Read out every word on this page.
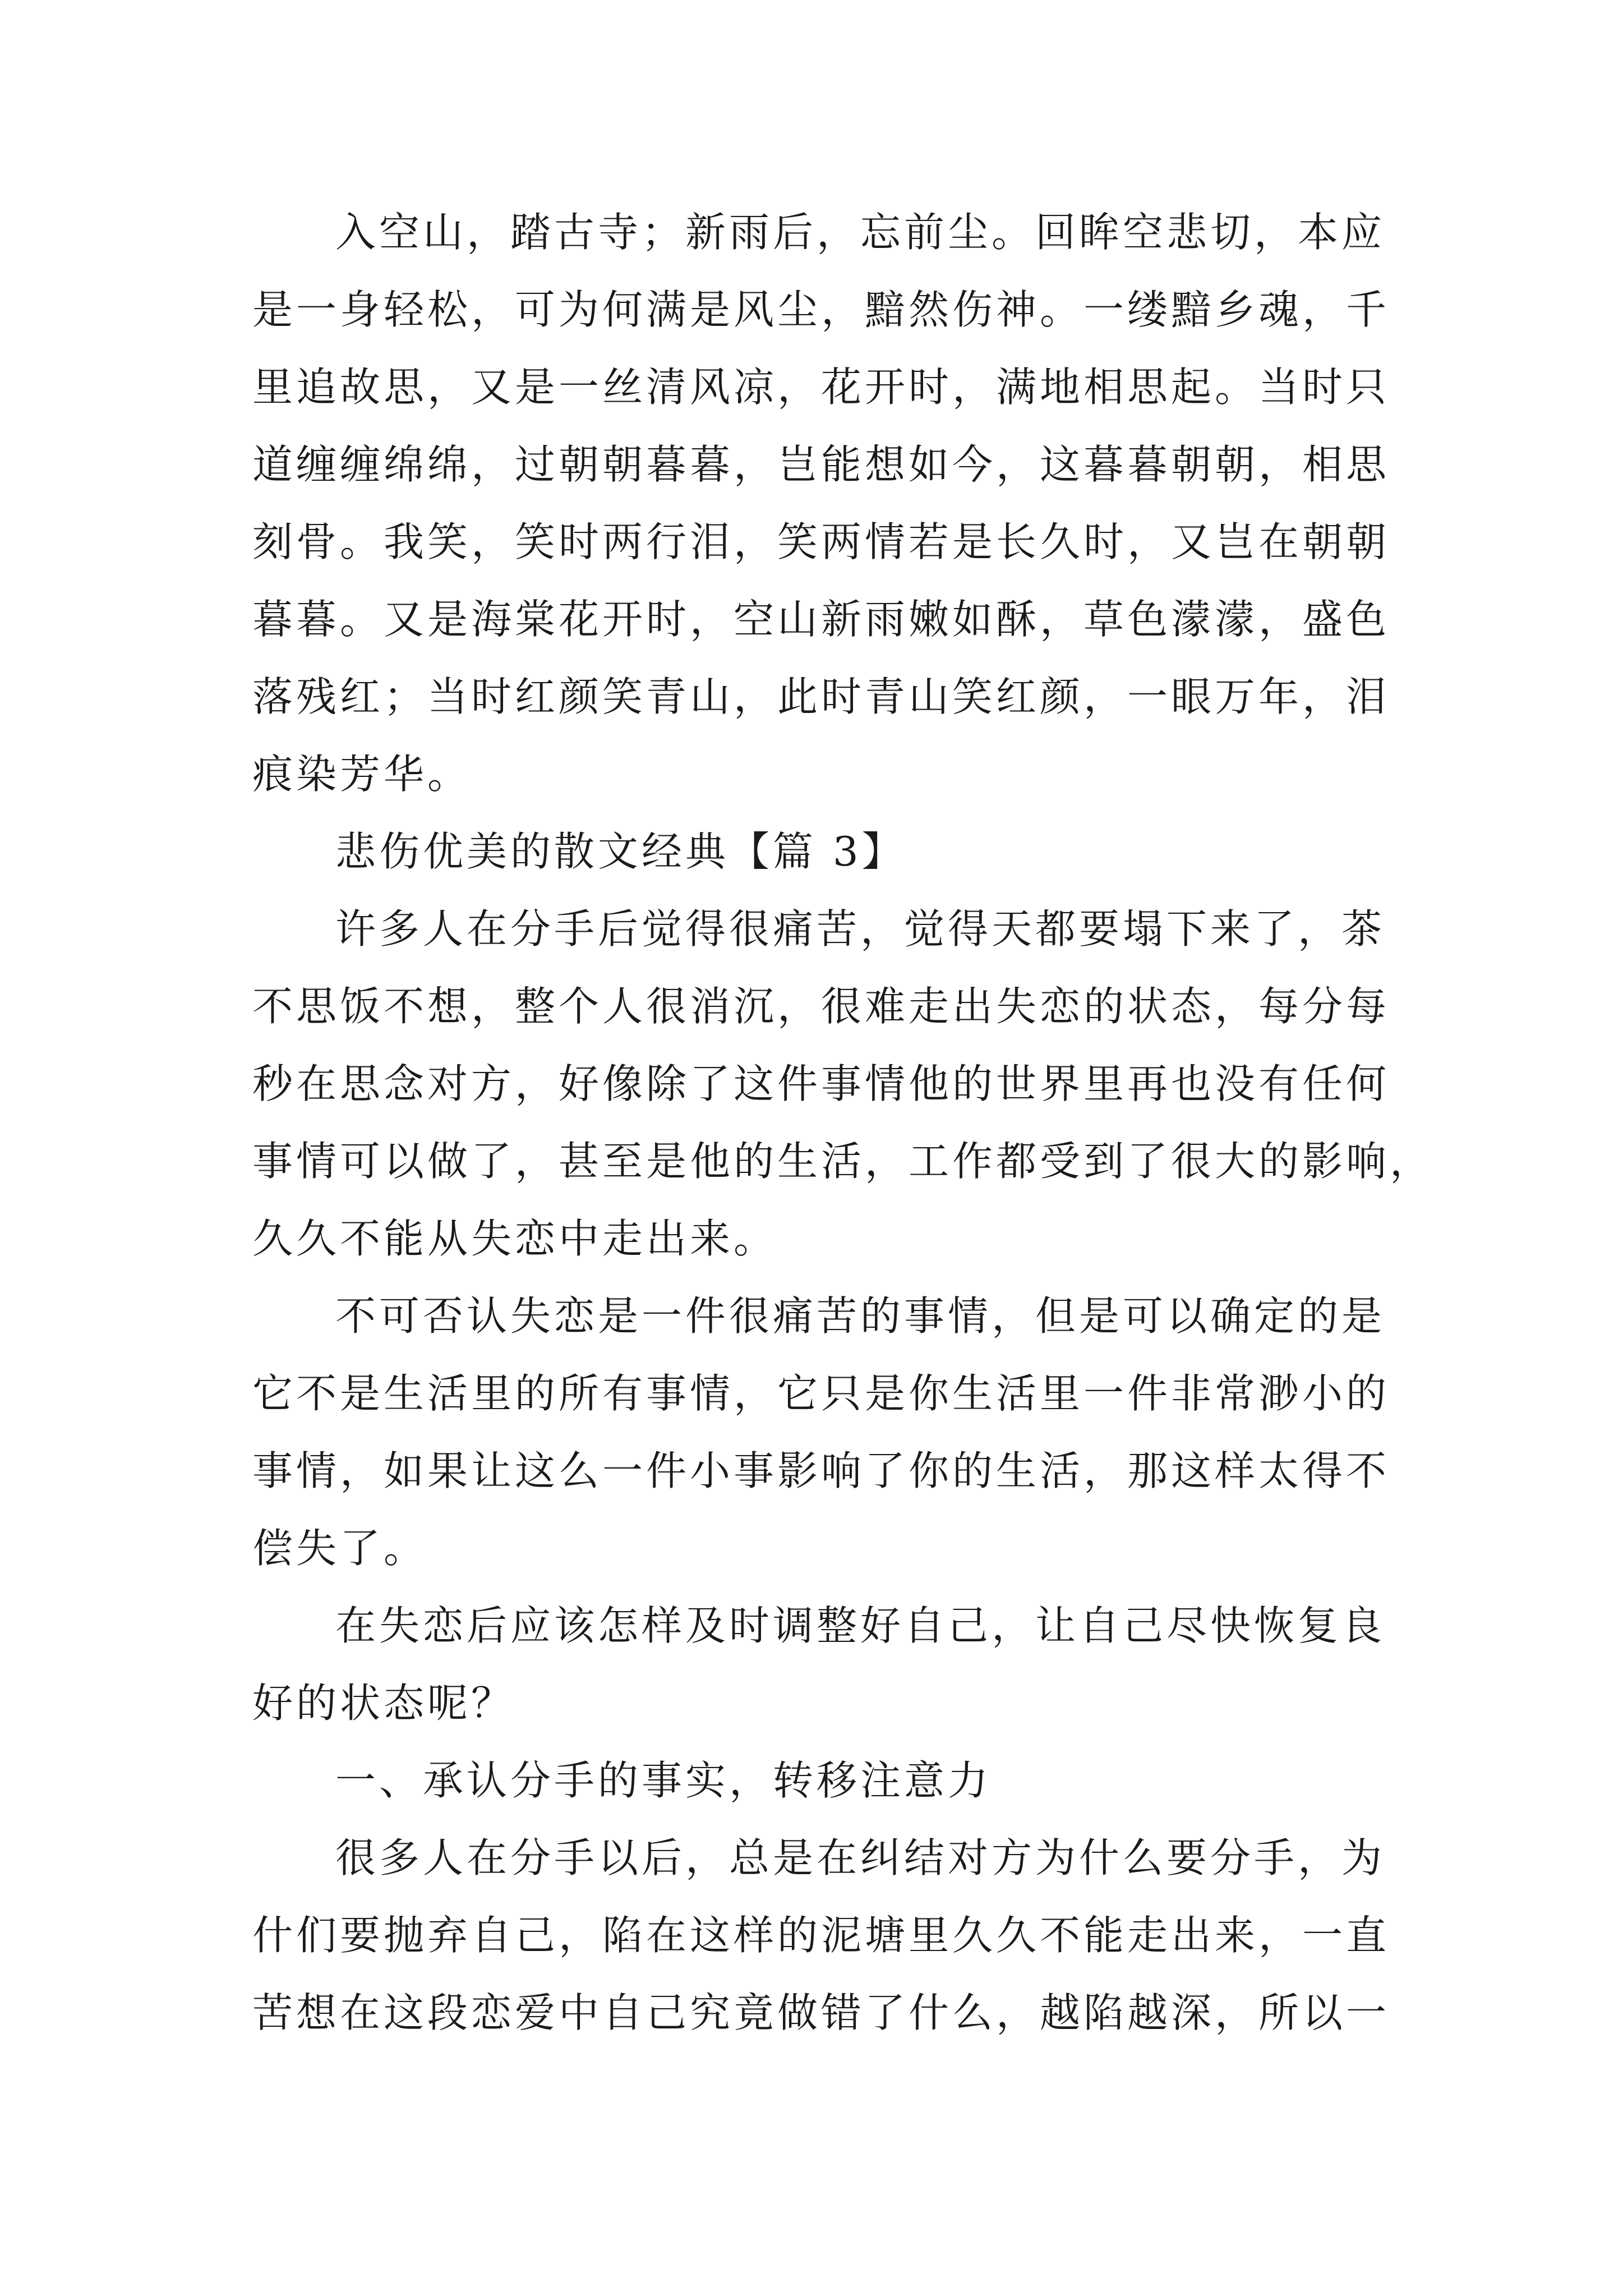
入空山，踏古寺；新雨后，忘前尘。回眸空悲切，本应
是一身轻松，可为何满是风尘，黯然伤神。一缕黯乡魂，千
里追故思，又是一丝清风凉，花开时，满地相思起。当时只
道缠缠绵绵，过朝朝暮暮，岂能想如今，这暮暮朝朝，相思
刻骨。我笑，笑时两行泪，笑两情若是长久时，又岂在朝朝
暮暮。又是海棠花开时，空山新雨嫩如酥，草色濛濛，盛色
落残红；当时红颜笑青山，此时青山笑红颜，一眼万年，泪
痕染芳华。
悲伤优美的散文经典【篇 3】
许多人在分手后觉得很痛苦，觉得天都要塌下来了，茶
不思饭不想，整个人很消沉，很难走出失恋的状态，每分每
秒在思念对方，好像除了这件事情他的世界里再也没有任何
事情可以做了，甚至是他的生活，工作都受到了很大的影响，
久久不能从失恋中走出来。
不可否认失恋是一件很痛苦的事情，但是可以确定的是
它不是生活里的所有事情，它只是你生活里一件非常渺小的
事情，如果让这么一件小事影响了你的生活，那这样太得不
偿失了。
在失恋后应该怎样及时调整好自己，让自己尽快恢复良
好的状态呢？
一、承认分手的事实，转移注意力
很多人在分手以后，总是在纠结对方为什么要分手，为
什们要抛弃自己，陷在这样的泥塘里久久不能走出来，一直
苦想在这段恋爱中自己究竟做错了什么，越陷越深，所以一
